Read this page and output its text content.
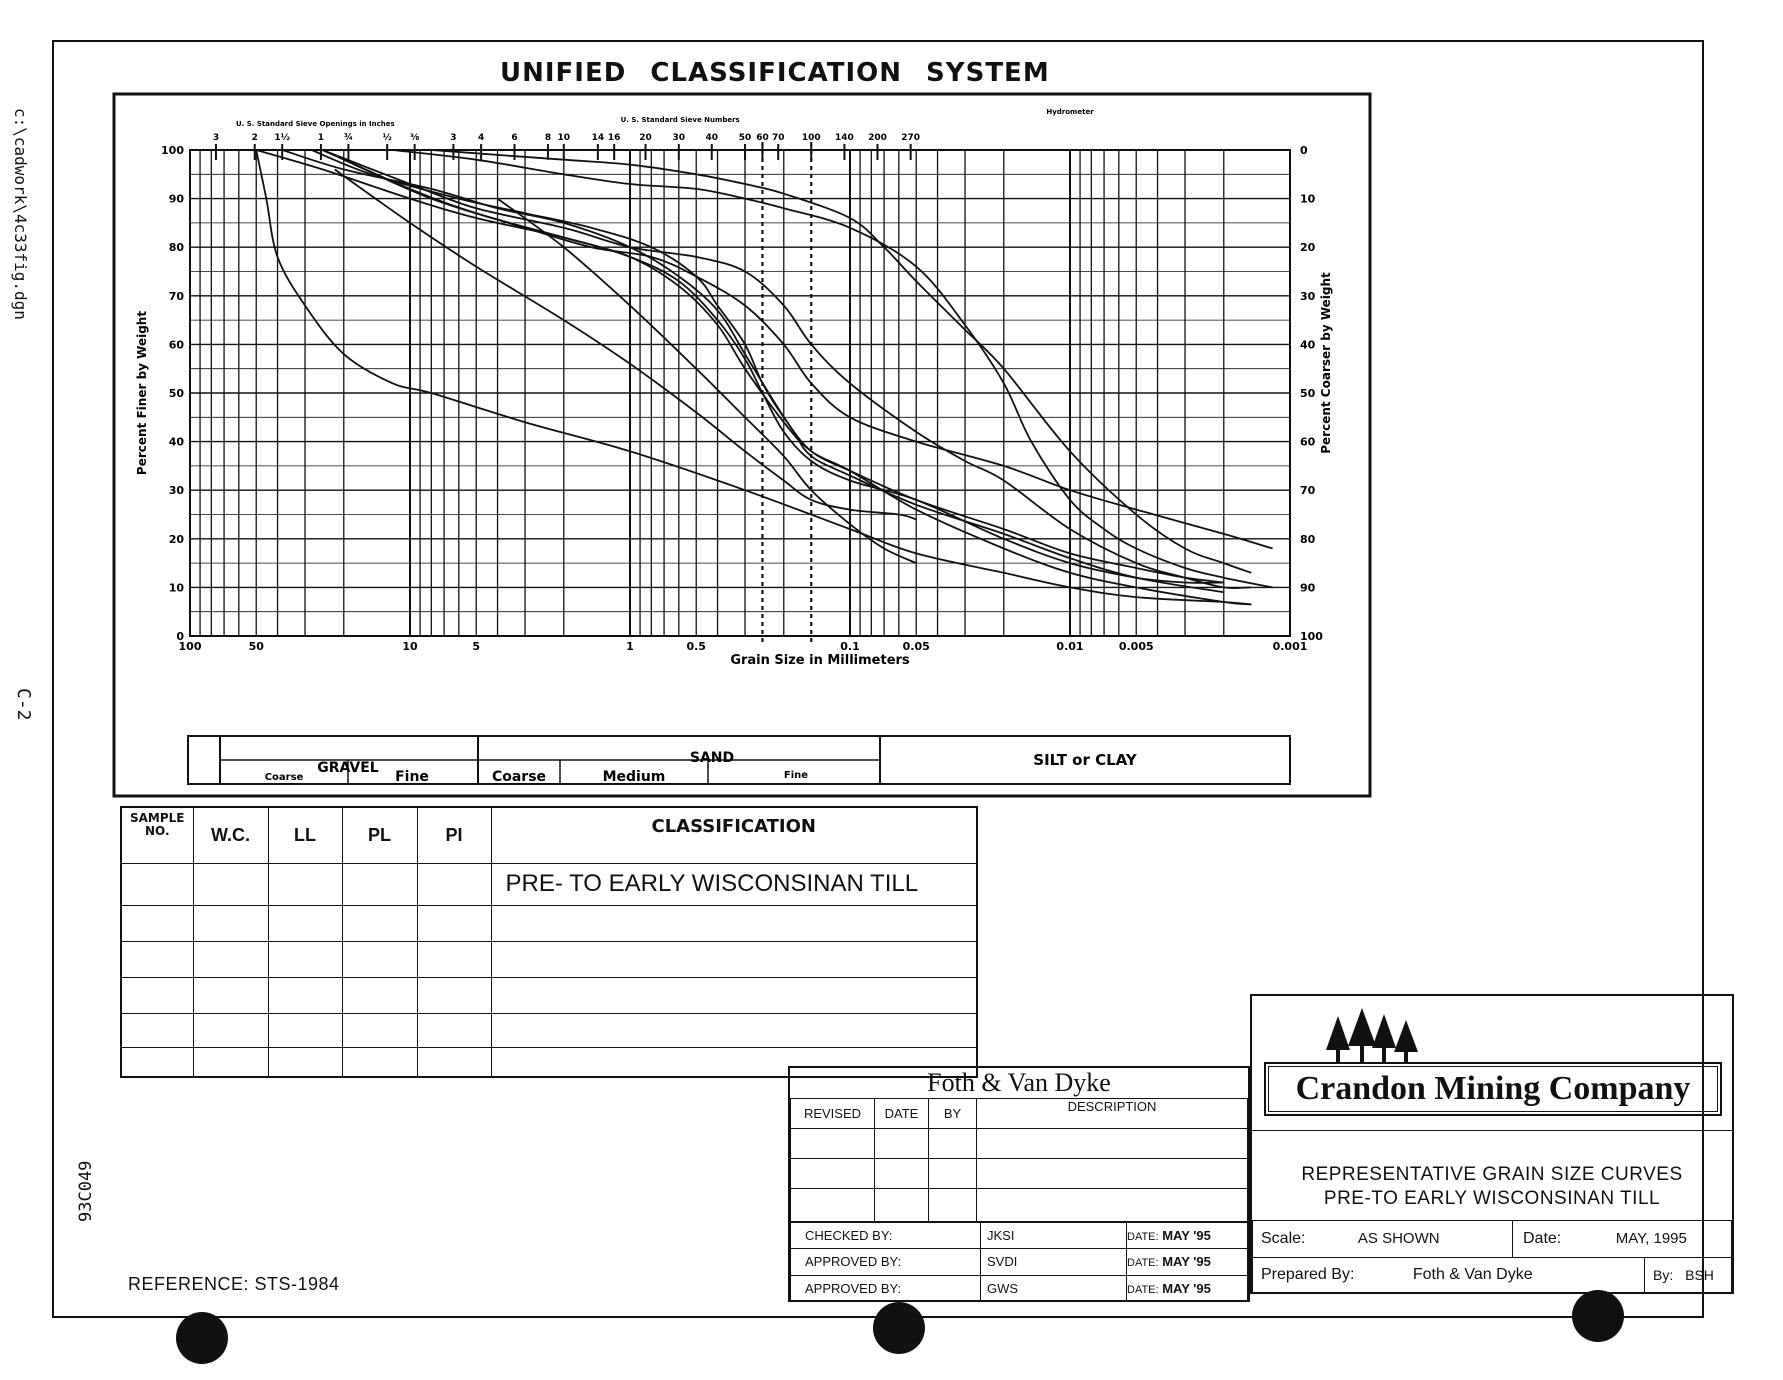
c:\cadwork\4c33fig.dgn
C-2
93C049
UNIFIED CLASSIFICATION SYSTEM
0
10
20
30
40
50
60
70
80
90
100	0
10
20
30
40
50
60
70
80
90
100
100	50	10	5	1	0.5	0.1	0.05	0.01	0.005	0.001
3	2 1½	1 ¾	½ ⅜	3 4	6	8 10 14 16 20 30 40 50 60 70 100 140 200 270
U. S. Standard Sieve Openings in Inches	U. S. Standard Sieve Numbers
Hydrometer
Grain Size in Millimeters
Percent Finer by Weight	Percent Coarser by Weight
GRAVEL
SAND	SILT or CLAY
Coarse	Fine	Coarse	Medium	Fine
SAMPLE NO.	W.C.	LL	PL	PI	CLASSIFICATION
					PRE- TO EARLY WISCONSINAN TILL

REFERENCE: STS-1984
Foth & Van Dyke
REVISED	DATE	BY	DESCRIPTION

CHECKED BY:	JKSI	DATE: MAY '95
APPROVED BY:	SVDI	DATE: MAY '95
APPROVED BY:	GWS	DATE: MAY '95
Crandon Mining Company
REPRESENTATIVE GRAIN SIZE CURVES
PRE-TO EARLY WISCONSINAN TILL
Scale: AS SHOWN	Date: MAY, 1995	
Prepared By: Foth & Van Dyke		By: BSH
